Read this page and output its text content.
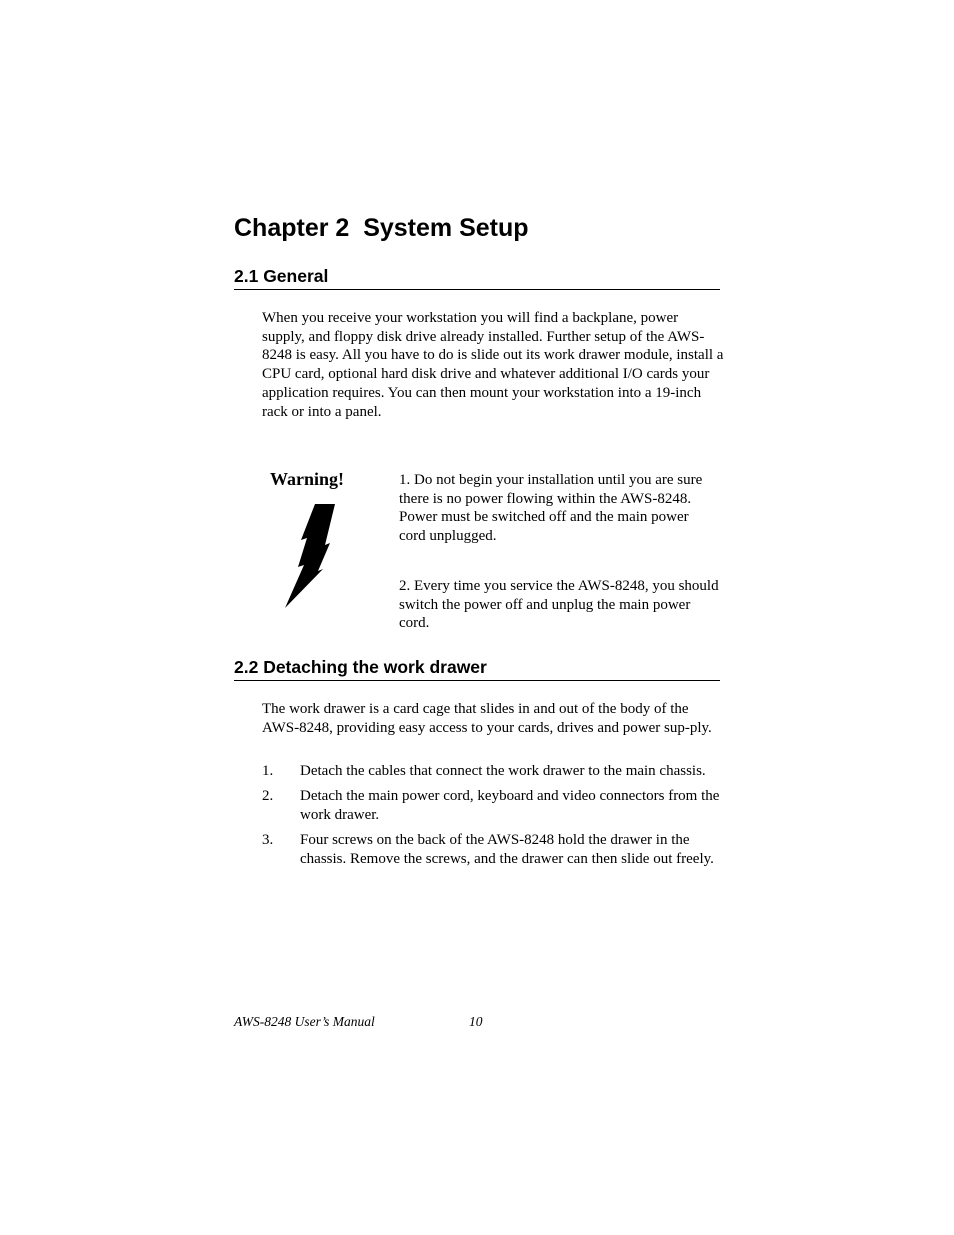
Chapter 2  System Setup
2.1 General

When you receive your workstation you will find a backplane, power supply, and floppy disk drive already installed. Further setup of the AWS-8248 is easy. All you have to do is slide out its work drawer module, install a CPU card, optional hard disk drive and whatever additional I/O cards your application requires. You can then mount your workstation into a 19-inch rack or into a panel.

Warning!	1. Do not begin your installation until you are sure there is no power flowing within the AWS-8248. Power must be switched off and the main power cord unplugged.

2. Every time you service the AWS-8248, you should switch the power off and unplug the main power cord.

2.2 Detaching the work drawer

The work drawer is a card cage that slides in and out of the body of the AWS-8248, providing easy access to your cards, drives and power sup-ply.

1. Detach the cables that connect the work drawer to the main chassis.
2. Detach the main power cord, keyboard and video connectors from the work drawer.
3. Four screws on the back of the AWS-8248 hold the drawer in the chassis. Remove the screws, and the drawer can then slide out freely.
AWS-8248 User’s Manual	10
